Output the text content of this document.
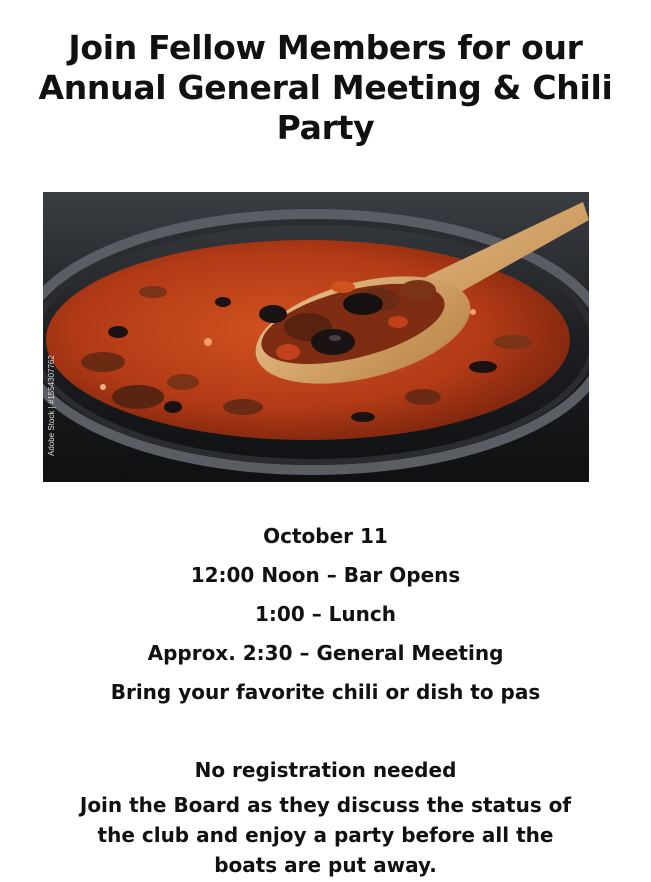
Join Fellow Members for our
Annual General Meeting & Chili
Party
Adobe Stock | #1554307762
October 11
12:00 Noon – Bar Opens
1:00 – Lunch
Approx. 2:30 – General Meeting
Bring your favorite chili or dish to pas
No registration needed
Join the Board as they discuss the status of
the club and enjoy a party before all the
boats are put away.
